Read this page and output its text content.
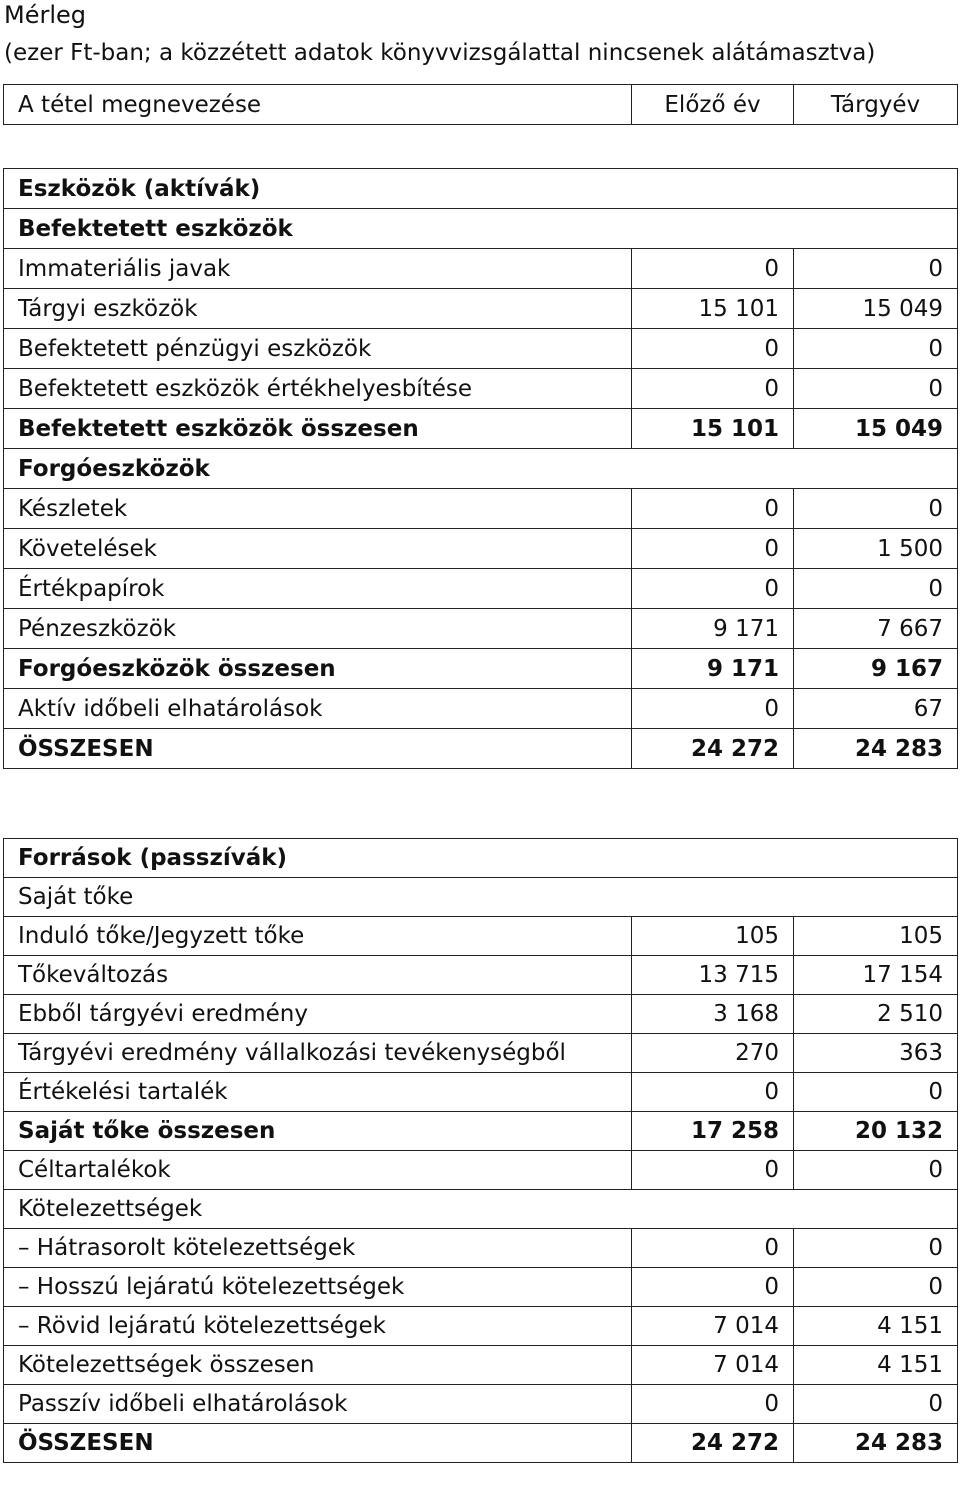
Mérleg
(ezer Ft-ban; a közzétett adatok könyvvizsgálattal nincsenek alátámasztva)
A tétel megnevezése	Előző év	Tárgyév
Eszközök (aktívák)		
Befektetett eszközök		
Immateriális javak	0	0
Tárgyi eszközök	15 101	15 049
Befektetett pénzügyi eszközök	0	0
Befektetett eszközök értékhelyesbítése	0	0
Befektetett eszközök összesen	15 101	15 049
Forgóeszközök		
Készletek	0	0
Követelések	0	1 500
Értékpapírok	0	0
Pénzeszközök	9 171	7 667
Forgóeszközök összesen	9 171	9 167
Aktív időbeli elhatárolások	0	67
ÖSSZESEN	24 272	24 283
Források (passzívák)		
Saját tőke		
Induló tőke/Jegyzett tőke	105	105
Tőkeváltozás	13 715	17 154
Ebből tárgyévi eredmény	3 168	2 510
Tárgyévi eredmény vállalkozási tevékenységből	270	363
Értékelési tartalék	0	0
Saját tőke összesen	17 258	20 132
Céltartalékok	0	0
Kötelezettségek		
– Hátrasorolt kötelezettségek	0	0
– Hosszú lejáratú kötelezettségek	0	0
– Rövid lejáratú kötelezettségek	7 014	4 151
Kötelezettségek összesen	7 014	4 151
Passzív időbeli elhatárolások	0	0
ÖSSZESEN	24 272	24 283
